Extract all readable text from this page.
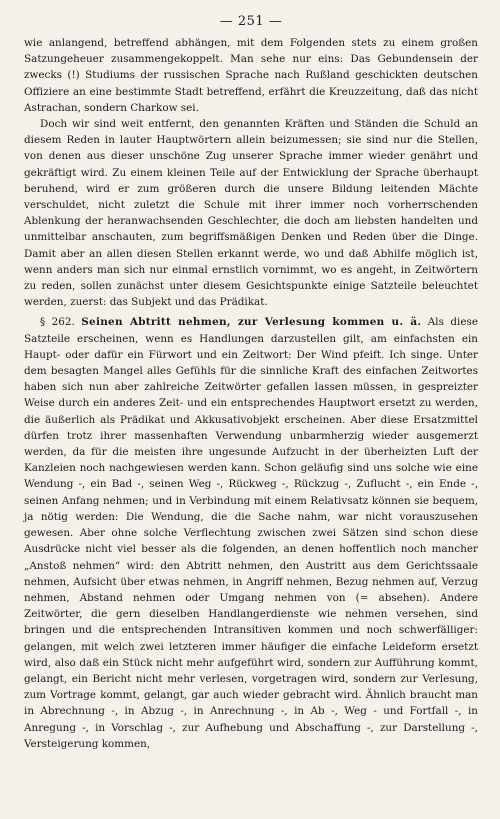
— 251 —

wie anlangend, betreffend abhängen, mit dem Folgenden stets zu einem großen Satzungeheuer zusammengekoppelt. Man sehe nur eins: Das Gebundensein der zwecks (!) Studiums der russischen Sprache nach Rußland geschickten deutschen Offiziere an eine bestimmte Stadt betreffend, erfährt die Kreuzzeitung, daß das nicht Astrachan, sondern Charkow sei.

Doch wir sind weit entfernt, den genannten Kräften und Ständen die Schuld an diesem Reden in lauter Hauptwörtern allein beizumessen; sie sind nur die Stellen, von denen aus dieser unschöne Zug unserer Sprache immer wieder genährt und gekräftigt wird. Zu einem kleinen Teile auf der Entwicklung der Sprache überhaupt beruhend, wird er zum größeren durch die unsere Bildung leitenden Mächte verschuldet, nicht zuletzt die Schule mit ihrer immer noch vorherrschenden Ablenkung der heranwachsenden Geschlechter, die doch am liebsten handelten und unmittelbar anschauten, zum begriffsmäßigen Denken und Reden über die Dinge. Damit aber an allen diesen Stellen erkannt werde, wo und daß Abhilfe möglich ist, wenn anders man sich nur einmal ernstlich vornimmt, wo es angeht, in Zeitwörtern zu reden, sollen zunächst unter diesem Gesichtspunkte einige Satzteile beleuchtet werden, zuerst: das Subjekt und das Prädikat.

§ 262. Seinen Abtritt nehmen, zur Verlesung kommen u. ä. Als diese Satzteile erscheinen, wenn es Handlungen darzustellen gilt, am einfachsten ein Haupt- oder dafür ein Fürwort und ein Zeitwort: Der Wind pfeift. Ich singe. Unter dem besagten Mangel alles Gefühls für die sinnliche Kraft des einfachen Zeitwortes haben sich nun aber zahlreiche Zeitwörter gefallen lassen müssen, in gespreizter Weise durch ein anderes Zeit- und ein entsprechendes Hauptwort ersetzt zu werden, die äußerlich als Prädikat und Akkusativobjekt erscheinen. Aber diese Ersatzmittel dürfen trotz ihrer massenhaften Verwendung unbarmherzig wieder ausgemerzt werden, da für die meisten ihre ungesunde Aufzucht in der überheizten Luft der Kanzleien noch nachgewiesen werden kann. Schon geläufig sind uns solche wie eine Wendung -, ein Bad -, seinen Weg -, Rückweg -, Rückzug -, Zuflucht -, ein Ende -, seinen Anfang nehmen; und in Verbindung mit einem Relativsatz können sie bequem, ja nötig werden: Die Wendung, die die Sache nahm, war nicht vorauszusehen gewesen. Aber ohne solche Verflechtung zwischen zwei Sätzen sind schon diese Ausdrücke nicht viel besser als die folgenden, an denen hoffentlich noch mancher „Anstoß nehmen“ wird: den Abtritt nehmen, den Austritt aus dem Gerichtssaale nehmen, Aufsicht über etwas nehmen, in Angriff nehmen, Bezug nehmen auf, Verzug nehmen, Abstand nehmen oder Umgang nehmen von (= absehen). Andere Zeitwörter, die gern dieselben Handlangerdienste wie nehmen versehen, sind bringen und die entsprechenden Intransitiven kommen und noch schwerfälliger: gelangen, mit welch zwei letzteren immer häufiger die einfache Leideform ersetzt wird, also daß ein Stück nicht mehr aufgeführt wird, sondern zur Aufführung kommt, gelangt, ein Bericht nicht mehr verlesen, vorgetragen wird, sondern zur Verlesung, zum Vortrage kommt, gelangt, gar auch wieder gebracht wird. Ähnlich braucht man in Abrechnung -, in Abzug -, in Anrechnung -, in Ab -, Weg - und Fortfall -, in Anregung -, in Vorschlag -, zur Aufhebung und Abschaffung -, zur Darstellung -, Versteigerung kommen,
